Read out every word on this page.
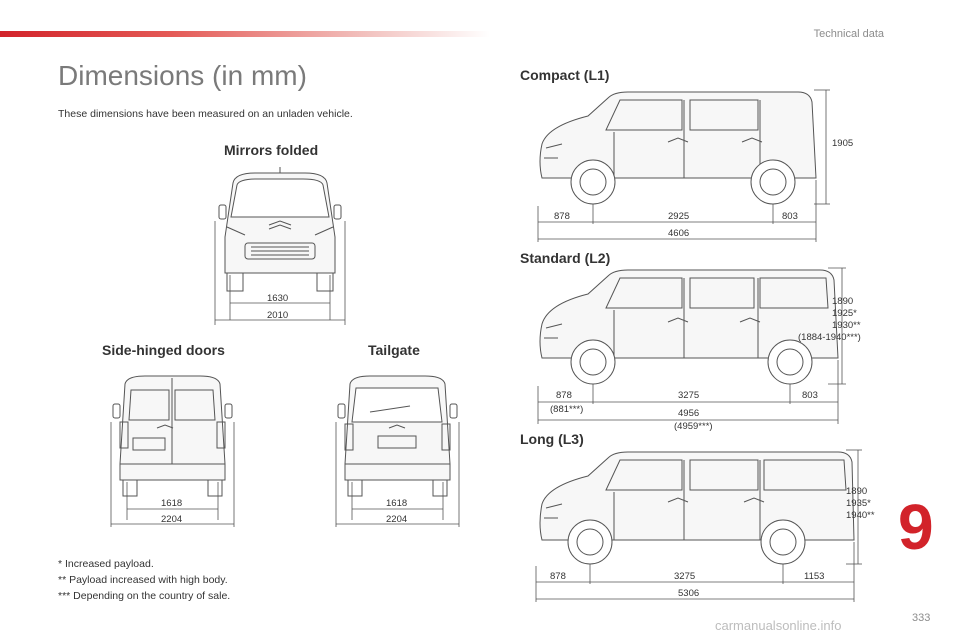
Technical data
Dimensions (in mm)
These dimensions have been measured on an unladen vehicle.
Mirrors folded
1630
2010
Side-hinged doors
1618
2204
Tailgate
1618
2204
Compact (L1)
878	2925	803
4606
1905
Standard (L2)
878
(881***)
3275	803
4956
(4959***)
1890
1925*
1930**
(1884-1940***)
Long (L3)
878	3275	1153
5306
1890
1935*
1940**
* Increased payload.
** Payload increased with high body.
*** Depending on the country of sale.
9
333
carmanualsonline.info
